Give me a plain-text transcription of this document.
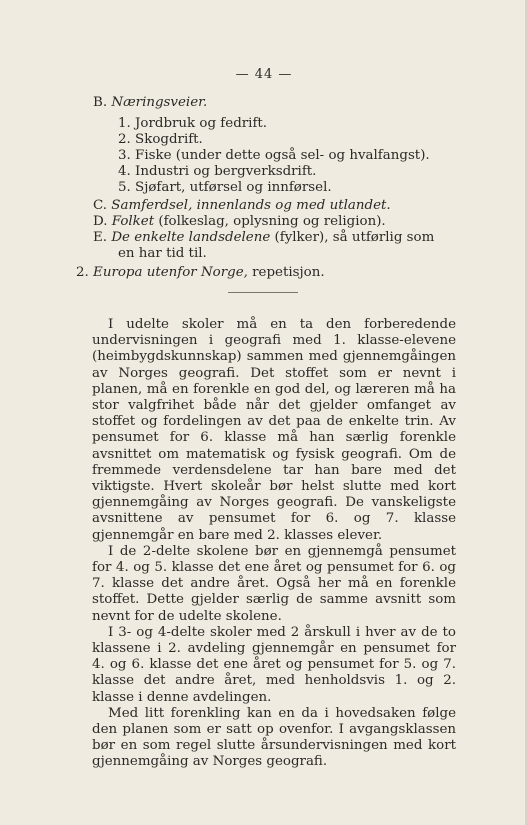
— 44 —
B. Næringsveier.
1. Jordbruk og fedrift.
2. Skogdrift.
3. Fiske (under dette også sel- og hvalfangst).
4. Industri og bergverksdrift.
5. Sjøfart, utførsel og innførsel.
C. Samferdsel, innenlands og med utlandet.
D. Folket (folkeslag, oplysning og religion).
E. De enkelte landsdelene (fylker), så utførlig som
en har tid til.
2. Europa utenfor Norge, repetisjon.

I udelte skoler må en ta den forberedende undervisningen i geografi med 1. klasse-elevene (heimbygdskunnskap) sammen med gjennemgåingen av Norges geografi. Det stoffet som er nevnt i planen, må en forenkle en god del, og læreren må ha stor valgfrihet både når det gjelder omfanget av stoffet og fordelingen av det paa de enkelte trin. Av pensumet for 6. klasse må han særlig forenkle avsnittet om matematisk og fysisk geografi. Om de fremmede verdensdelene tar han bare med det viktigste. Hvert skoleår bør helst slutte med kort gjennemgåing av Norges geografi. De vanskeligste avsnittene av pensumet for 6. og 7. klasse gjennemgår en bare med 2. klasses elever.

I de 2-delte skolene bør en gjennemgå pensumet for 4. og 5. klasse det ene året og pensumet for 6. og 7. klasse det andre året. Også her må en forenkle stoffet. Dette gjelder særlig de samme avsnitt som nevnt for de udelte skolene.

I 3- og 4-delte skoler med 2 årskull i hver av de to klassene i 2. avdeling gjennemgår en pensumet for 4. og 6. klasse det ene året og pensumet for 5. og 7. klasse det andre året, med henholdsvis 1. og 2. klasse i denne avdelingen.

Med litt forenkling kan en da i hovedsaken følge den planen som er satt op ovenfor. I avgangsklassen bør en som regel slutte årsundervisningen med kort gjennemgåing av Norges geografi.
